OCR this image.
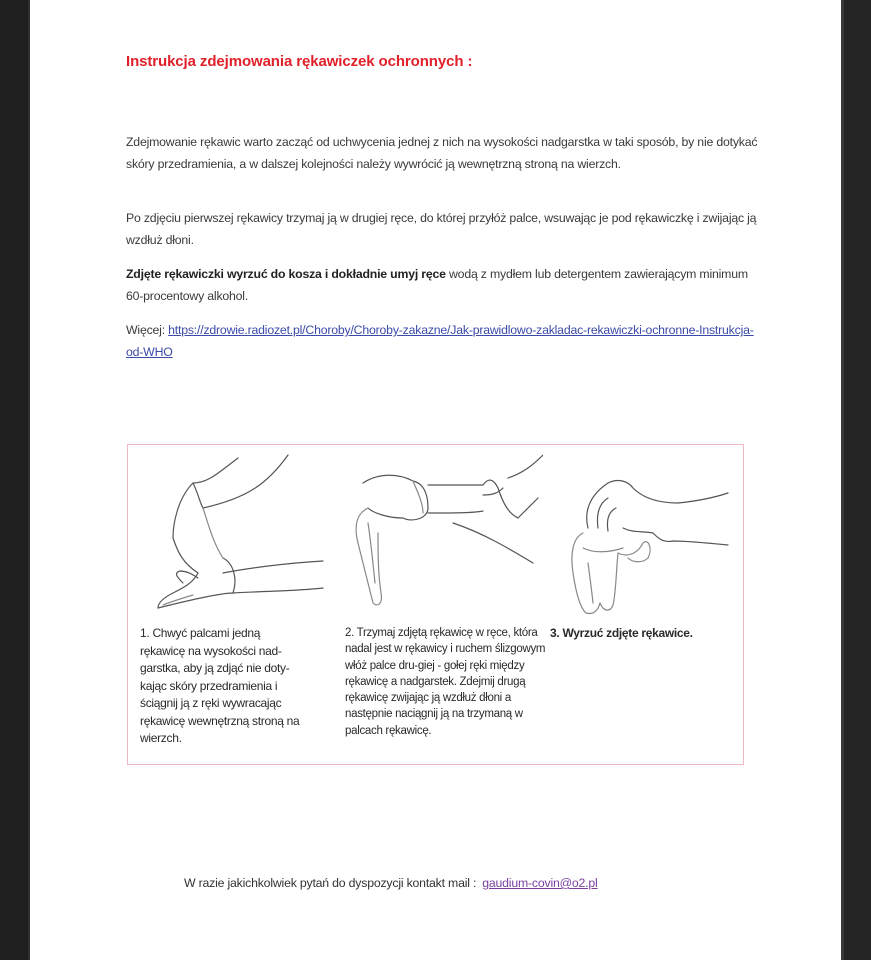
Instrukcja zdejmowania rękawiczek ochronnych :
Zdejmowanie rękawic warto zacząć od uchwycenia jednej z nich na wysokości nadgarstka w taki sposób, by nie dotykać skóry przedramienia, a w dalszej kolejności należy wywrócić ją wewnętrzną stroną na wierzch.
Po zdjęciu pierwszej rękawicy trzymaj ją w drugiej ręce, do której przyłóż palce, wsuwając je pod rękawiczkę i zwijając ją wzdłuż dłoni.
Zdjęte rękawiczki wyrzuć do kosza i dokładnie umyj ręce wodą z mydłem lub detergentem zawierającym minimum 60-procentowy alkohol.
Więcej: https://zdrowie.radiozet.pl/Choroby/Choroby-zakazne/Jak-prawidlowo-zakladac-rekawiczki-ochronne-Instrukcja-od-WHO
1. Chwyć palcami jedną rękawicę na wysokości nad-garstka, aby ją zdjąć nie doty-kając skóry przedramienia i ściągnij ją z ręki wywracając rękawicę wewnętrzną stroną na wierzch.
2. Trzymaj zdjętą rękawicę w ręce, która nadal jest w rękawicy i ruchem ślizgowym włóż palce dru-giej - gołej ręki między rękawicę a nadgarstek. Zdejmij drugą rękawicę zwijając ją wzdłuż dłoni a następnie naciągnij ją na trzymaną w palcach rękawicę.
3. Wyrzuć zdjęte rękawice.
W razie jakichkolwiek pytań do dyspozycji kontakt mail : gaudium-covin@o2.pl
